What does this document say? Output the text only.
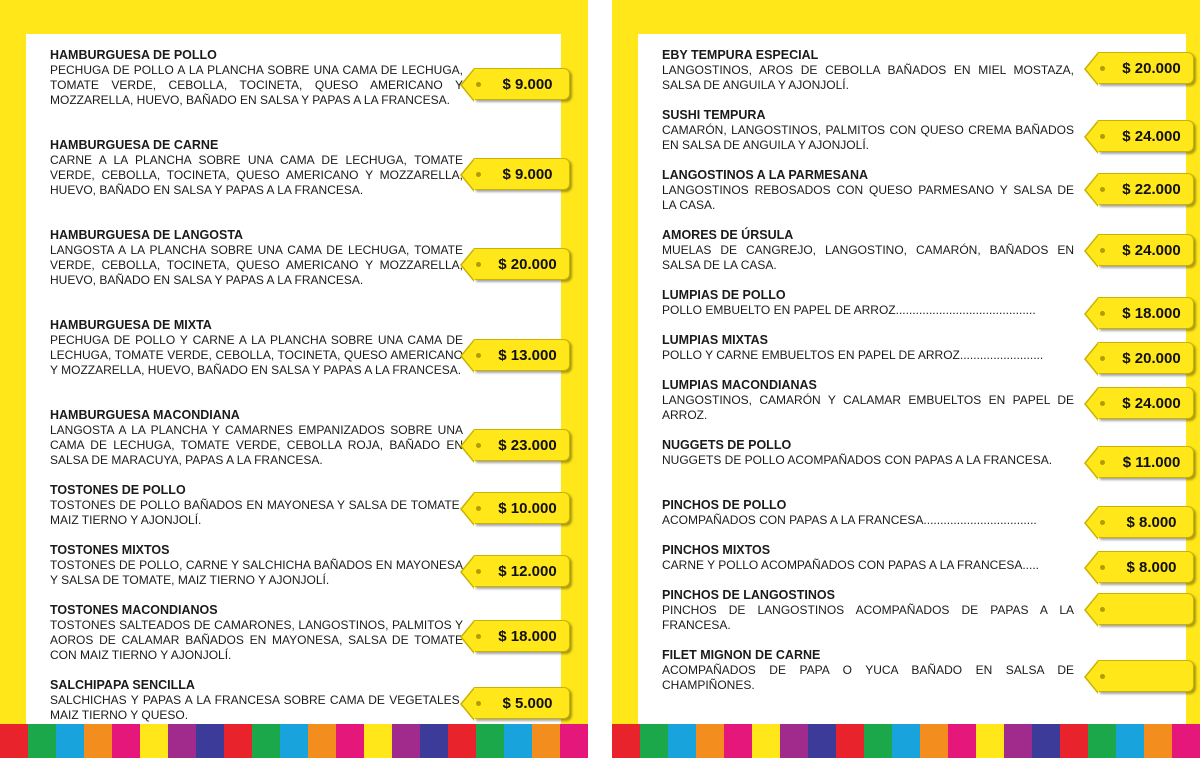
HAMBURGUESA DE POLLO
PECHUGA DE POLLO A LA PLANCHA SOBRE UNA CAMA DE LECHUGA, TOMATE VERDE, CEBOLLA, TOCINETA, QUESO AMERICANO Y MOZZARELLA, HUEVO, BAÑADO EN SALSA Y PAPAS A LA FRANCESA.
HAMBURGUESA DE CARNE
CARNE A LA PLANCHA SOBRE UNA CAMA DE LECHUGA, TOMATE VERDE, CEBOLLA, TOCINETA, QUESO AMERICANO Y MOZZARELLA, HUEVO, BAÑADO EN SALSA Y PAPAS A LA FRANCESA.
HAMBURGUESA DE LANGOSTA
LANGOSTA A LA PLANCHA SOBRE UNA CAMA DE LECHUGA, TOMATE VERDE, CEBOLLA, TOCINETA, QUESO AMERICANO Y MOZZARELLA, HUEVO, BAÑADO EN SALSA Y PAPAS A LA FRANCESA.
HAMBURGUESA DE MIXTA
PECHUGA DE POLLO Y CARNE A LA PLANCHA SOBRE UNA CAMA DE LECHUGA, TOMATE VERDE, CEBOLLA, TOCINETA, QUESO AMERICANO Y MOZZARELLA, HUEVO, BAÑADO EN SALSA Y PAPAS A LA FRANCESA.
HAMBURGUESA MACONDIANA
LANGOSTA A LA PLANCHA Y CAMARNES EMPANIZADOS SOBRE UNA CAMA DE LECHUGA, TOMATE VERDE, CEBOLLA ROJA, BAÑADO EN SALSA DE MARACUYA, PAPAS A LA FRANCESA.
TOSTONES DE POLLO
TOSTONES DE POLLO BAÑADOS EN MAYONESA Y SALSA DE TOMATE, MAIZ TIERNO Y AJONJOLÍ.
TOSTONES MIXTOS
TOSTONES DE POLLO, CARNE Y SALCHICHA BAÑADOS EN MAYONESA Y SALSA DE TOMATE, MAIZ TIERNO Y AJONJOLÍ.
TOSTONES MACONDIANOS
TOSTONES SALTEADOS DE CAMARONES, LANGOSTINOS, PALMITOS Y AOROS DE CALAMAR BAÑADOS EN MAYONESA, SALSA DE TOMATE CON MAIZ TIERNO Y AJONJOLÍ.
SALCHIPAPA SENCILLA
SALCHICHAS Y PAPAS A LA FRANCESA SOBRE CAMA DE VEGETALES, MAIZ TIERNO Y QUESO.
$ 9.000
$ 9.000
$ 20.000
$ 13.000
$ 23.000
$ 10.000
$ 12.000
$ 18.000
$ 5.000
EBY TEMPURA ESPECIAL
LANGOSTINOS, AROS DE CEBOLLA BAÑADOS EN MIEL MOSTAZA, SALSA DE ANGUILA Y AJONJOLÍ.
SUSHI TEMPURA
CAMARÓN, LANGOSTINOS, PALMITOS CON QUESO CREMA BAÑADOS EN SALSA DE ANGUILA Y AJONJOLÍ.
LANGOSTINOS A LA PARMESANA
LANGOSTINOS REBOSADOS CON QUESO PARMESANO Y SALSA DE LA CASA.
AMORES DE ÚRSULA
MUELAS DE CANGREJO, LANGOSTINO, CAMARÓN, BAÑADOS EN SALSA DE LA CASA.
LUMPIAS DE POLLO
POLLO EMBUELTO EN PAPEL DE ARROZ..........................................
LUMPIAS MIXTAS
POLLO Y CARNE EMBUELTOS EN PAPEL DE ARROZ.........................
LUMPIAS MACONDIANAS
LANGOSTINOS, CAMARÓN Y CALAMAR EMBUELTOS EN PAPEL DE ARROZ.
NUGGETS DE POLLO
NUGGETS DE POLLO ACOMPAÑADOS CON PAPAS A LA FRANCESA.
PINCHOS DE POLLO
ACOMPAÑADOS CON PAPAS A LA FRANCESA..................................
PINCHOS MIXTOS
CARNE Y POLLO ACOMPAÑADOS CON PAPAS A LA FRANCESA.....
PINCHOS DE LANGOSTINOS
PINCHOS DE LANGOSTINOS ACOMPAÑADOS DE PAPAS A LA FRANCESA.
FILET MIGNON DE CARNE
ACOMPAÑADOS DE PAPA O YUCA BAÑADO EN SALSA DE CHAMPIÑONES.
$ 20.000
$ 24.000
$ 22.000
$ 24.000
$ 18.000
$ 20.000
$ 24.000
$ 11.000
$ 8.000
$ 8.000
